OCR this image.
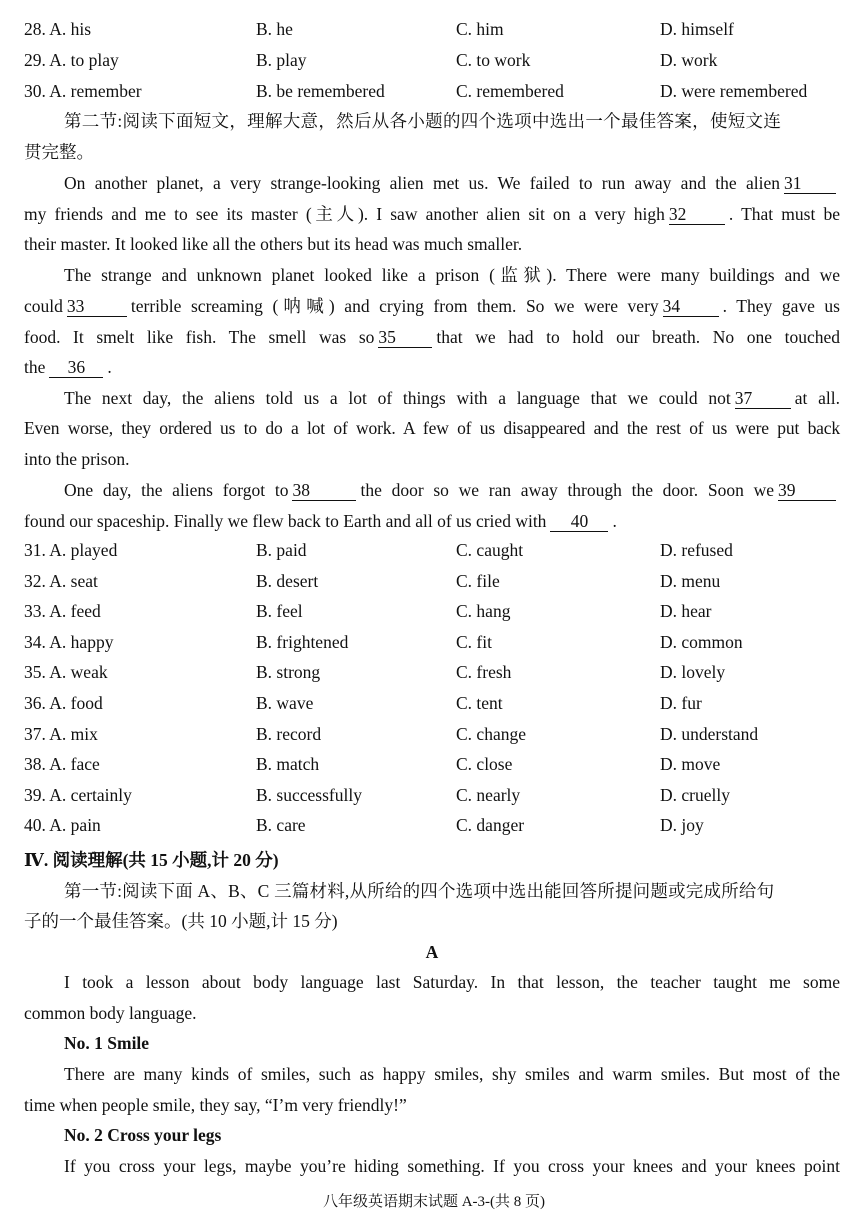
28. A. his	B. he	C. him	D. himself
29. A. to play	B. play	C. to work	D. work
30. A. remember	B. be remembered	C. remembered	D. were remembered
第二节:阅读下面短文，理解大意，然后从各小题的四个选项中选出一个最佳答案，使短文连
贯完整。
On another planet, a very strange-looking alien met us. We failed to run away and the alien 31
my friends and me to see its master (主人). I saw another alien sit on a very high 32 . That must be
their master. It looked like all the others but its head was much smaller.
The strange and unknown planet looked like a prison (监狱). There were many buildings and we
could 33	terrible screaming (呐喊) and crying from them. So we were very 34 . They gave us
food. It smelt like fish. The smell was so 35 that we had to hold our breath. No one touched
the 36 .
The next day, the aliens told us a lot of things with a language that we could not 37 at all.
Even worse, they ordered us to do a lot of work. A few of us disappeared and the rest of us were put back
into the prison.
One day, the aliens forgot to 38	the door so we ran away through the door. Soon we 39
found our spaceship. Finally we flew back to Earth and all of us cried with 40 .
31. A. played	B. paid	C. caught	D. refused
32. A. seat	B. desert	C. file	D. menu
33. A. feed	B. feel	C. hang	D. hear
34. A. happy	B. frightened	C. fit	D. common
35. A. weak	B. strong	C. fresh	D. lovely
36. A. food	B. wave	C. tent	D. fur
37. A. mix	B. record	C. change	D. understand
38. A. face	B. match	C. close	D. move
39. A. certainly	B. successfully	C. nearly	D. cruelly
40. A. pain	B. care	C. danger	D. joy
Ⅳ. 阅读理解(共 15 小题,计 20 分)
第一节:阅读下面 A、B、C 三篇材料,从所给的四个选项中选出能回答所提问题或完成所给句
子的一个最佳答案。(共 10 小题,计 15 分)
A
I took a lesson about body language last Saturday. In that lesson, the teacher taught me some
common body language.
No. 1 Smile
There are many kinds of smiles, such as happy smiles, shy smiles and warm smiles. But most of the
time when people smile, they say, “I’m very friendly!”
No. 2 Cross your legs
If you cross your legs, maybe you’re hiding something. If you cross your knees and your knees point
八年级英语期末试题 A-3-(共 8 页)
